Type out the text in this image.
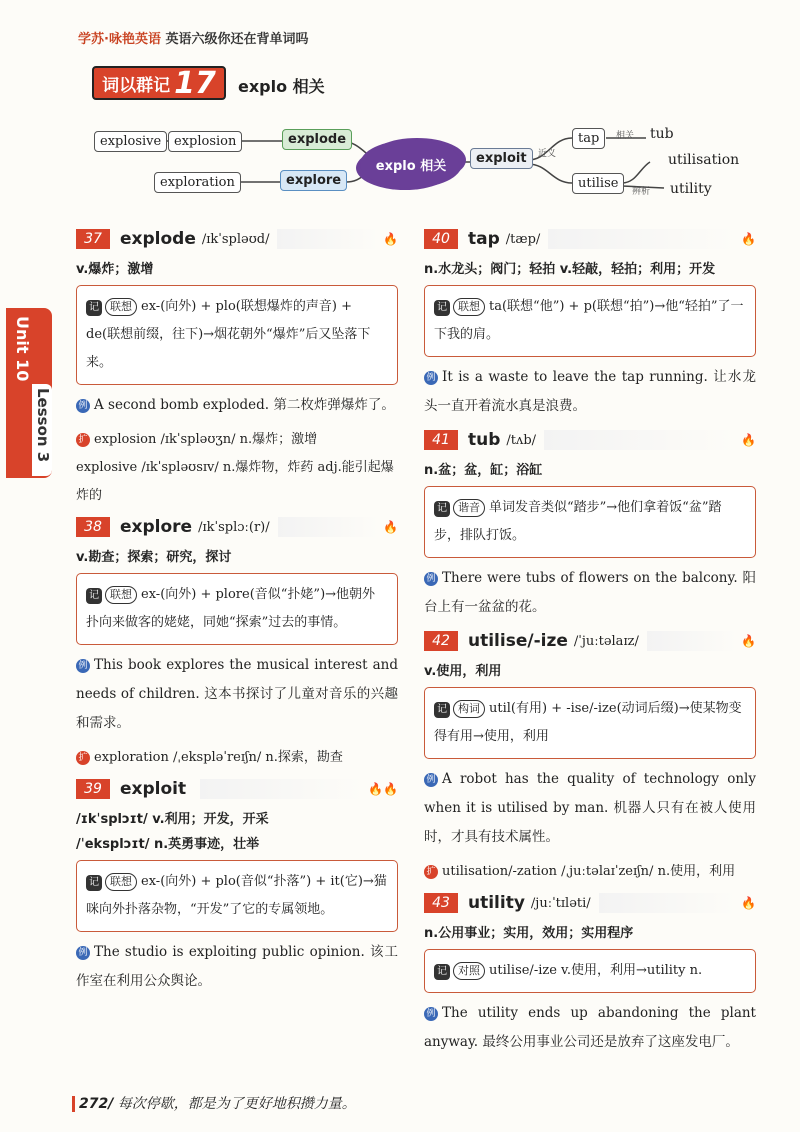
学苏·咏艳英语 英语六级你还在背单词吗
词以群记 17 explo 相关
explosive explosion	explode
exploration	explore
explo 相关	exploit	近义
tap	相关 tub
utilise
utilisation
辨析 utility
Unit 10
Lesson 3
37	explode /ɪkˈspləʊd/	🔥
v.爆炸；激增
记 联想 ex-(向外) + plo(联想爆炸的声音) + de(联想前缀，往下)→烟花朝外“爆炸”后又坠落下来。
例 A second bomb exploded. 第二枚炸弹爆炸了。
扩 explosion /ɪkˈspləʊʒn/ n.爆炸；激增
explosive /ɪkˈspləʊsɪv/ n.爆炸物，炸药 adj.能引起爆炸的
38	explore /ɪkˈsplɔː(r)/	🔥
v.勘查；探索；研究，探讨
记 联想 ex-(向外) + plore(音似“扑姥”)→他朝外扑向来做客的姥姥，同她“探索”过去的事情。
例 This book explores the musical interest and needs of children. 这本书探讨了儿童对音乐的兴趣和需求。
扩 exploration /ˌekspləˈreɪʃn/ n.探索，勘查
39	exploit	🔥🔥
/ɪkˈsplɔɪt/ v.利用；开发，开采
/ˈeksplɔɪt/ n.英勇事迹，壮举
记 联想 ex-(向外) + plo(音似“扑落”) + it(它)→猫咪向外扑落杂物，“开发”了它的专属领地。
例 The studio is exploiting public opinion. 该工作室在利用公众舆论。
40	tap /tæp/	🔥
n.水龙头；阀门；轻拍 v.轻敲，轻拍；利用；开发
记 联想 ta(联想“他”) + p(联想“拍”)→他“轻拍”了一下我的肩。
例 It is a waste to leave the tap running. 让水龙头一直开着流水真是浪费。
41	tub /tʌb/	🔥
n.盆；盆，缸；浴缸
记 谐音 单词发音类似“踏步”→他们拿着饭“盆”踏步，排队打饭。
例 There were tubs of flowers on the balcony. 阳台上有一盆盆的花。
42	utilise/-ize /ˈjuːtəlaɪz/	🔥
v.使用，利用
记 构词 util(有用) + -ise/-ize(动词后缀)→使某物变得有用→使用，利用
例 A robot has the quality of technology only when it is utilised by man. 机器人只有在被人使用时，才具有技术属性。
扩 utilisation/-zation /ˌjuːtəlaɪˈzeɪʃn/ n.使用，利用
43	utility /juːˈtɪləti/	🔥
n.公用事业；实用，效用；实用程序
记 对照 utilise/-ize v.使用，利用→utility n.
例 The utility ends up abandoning the plant anyway. 最终公用事业公司还是放弃了这座发电厂。
272/ 每次停歇，都是为了更好地积攒力量。
